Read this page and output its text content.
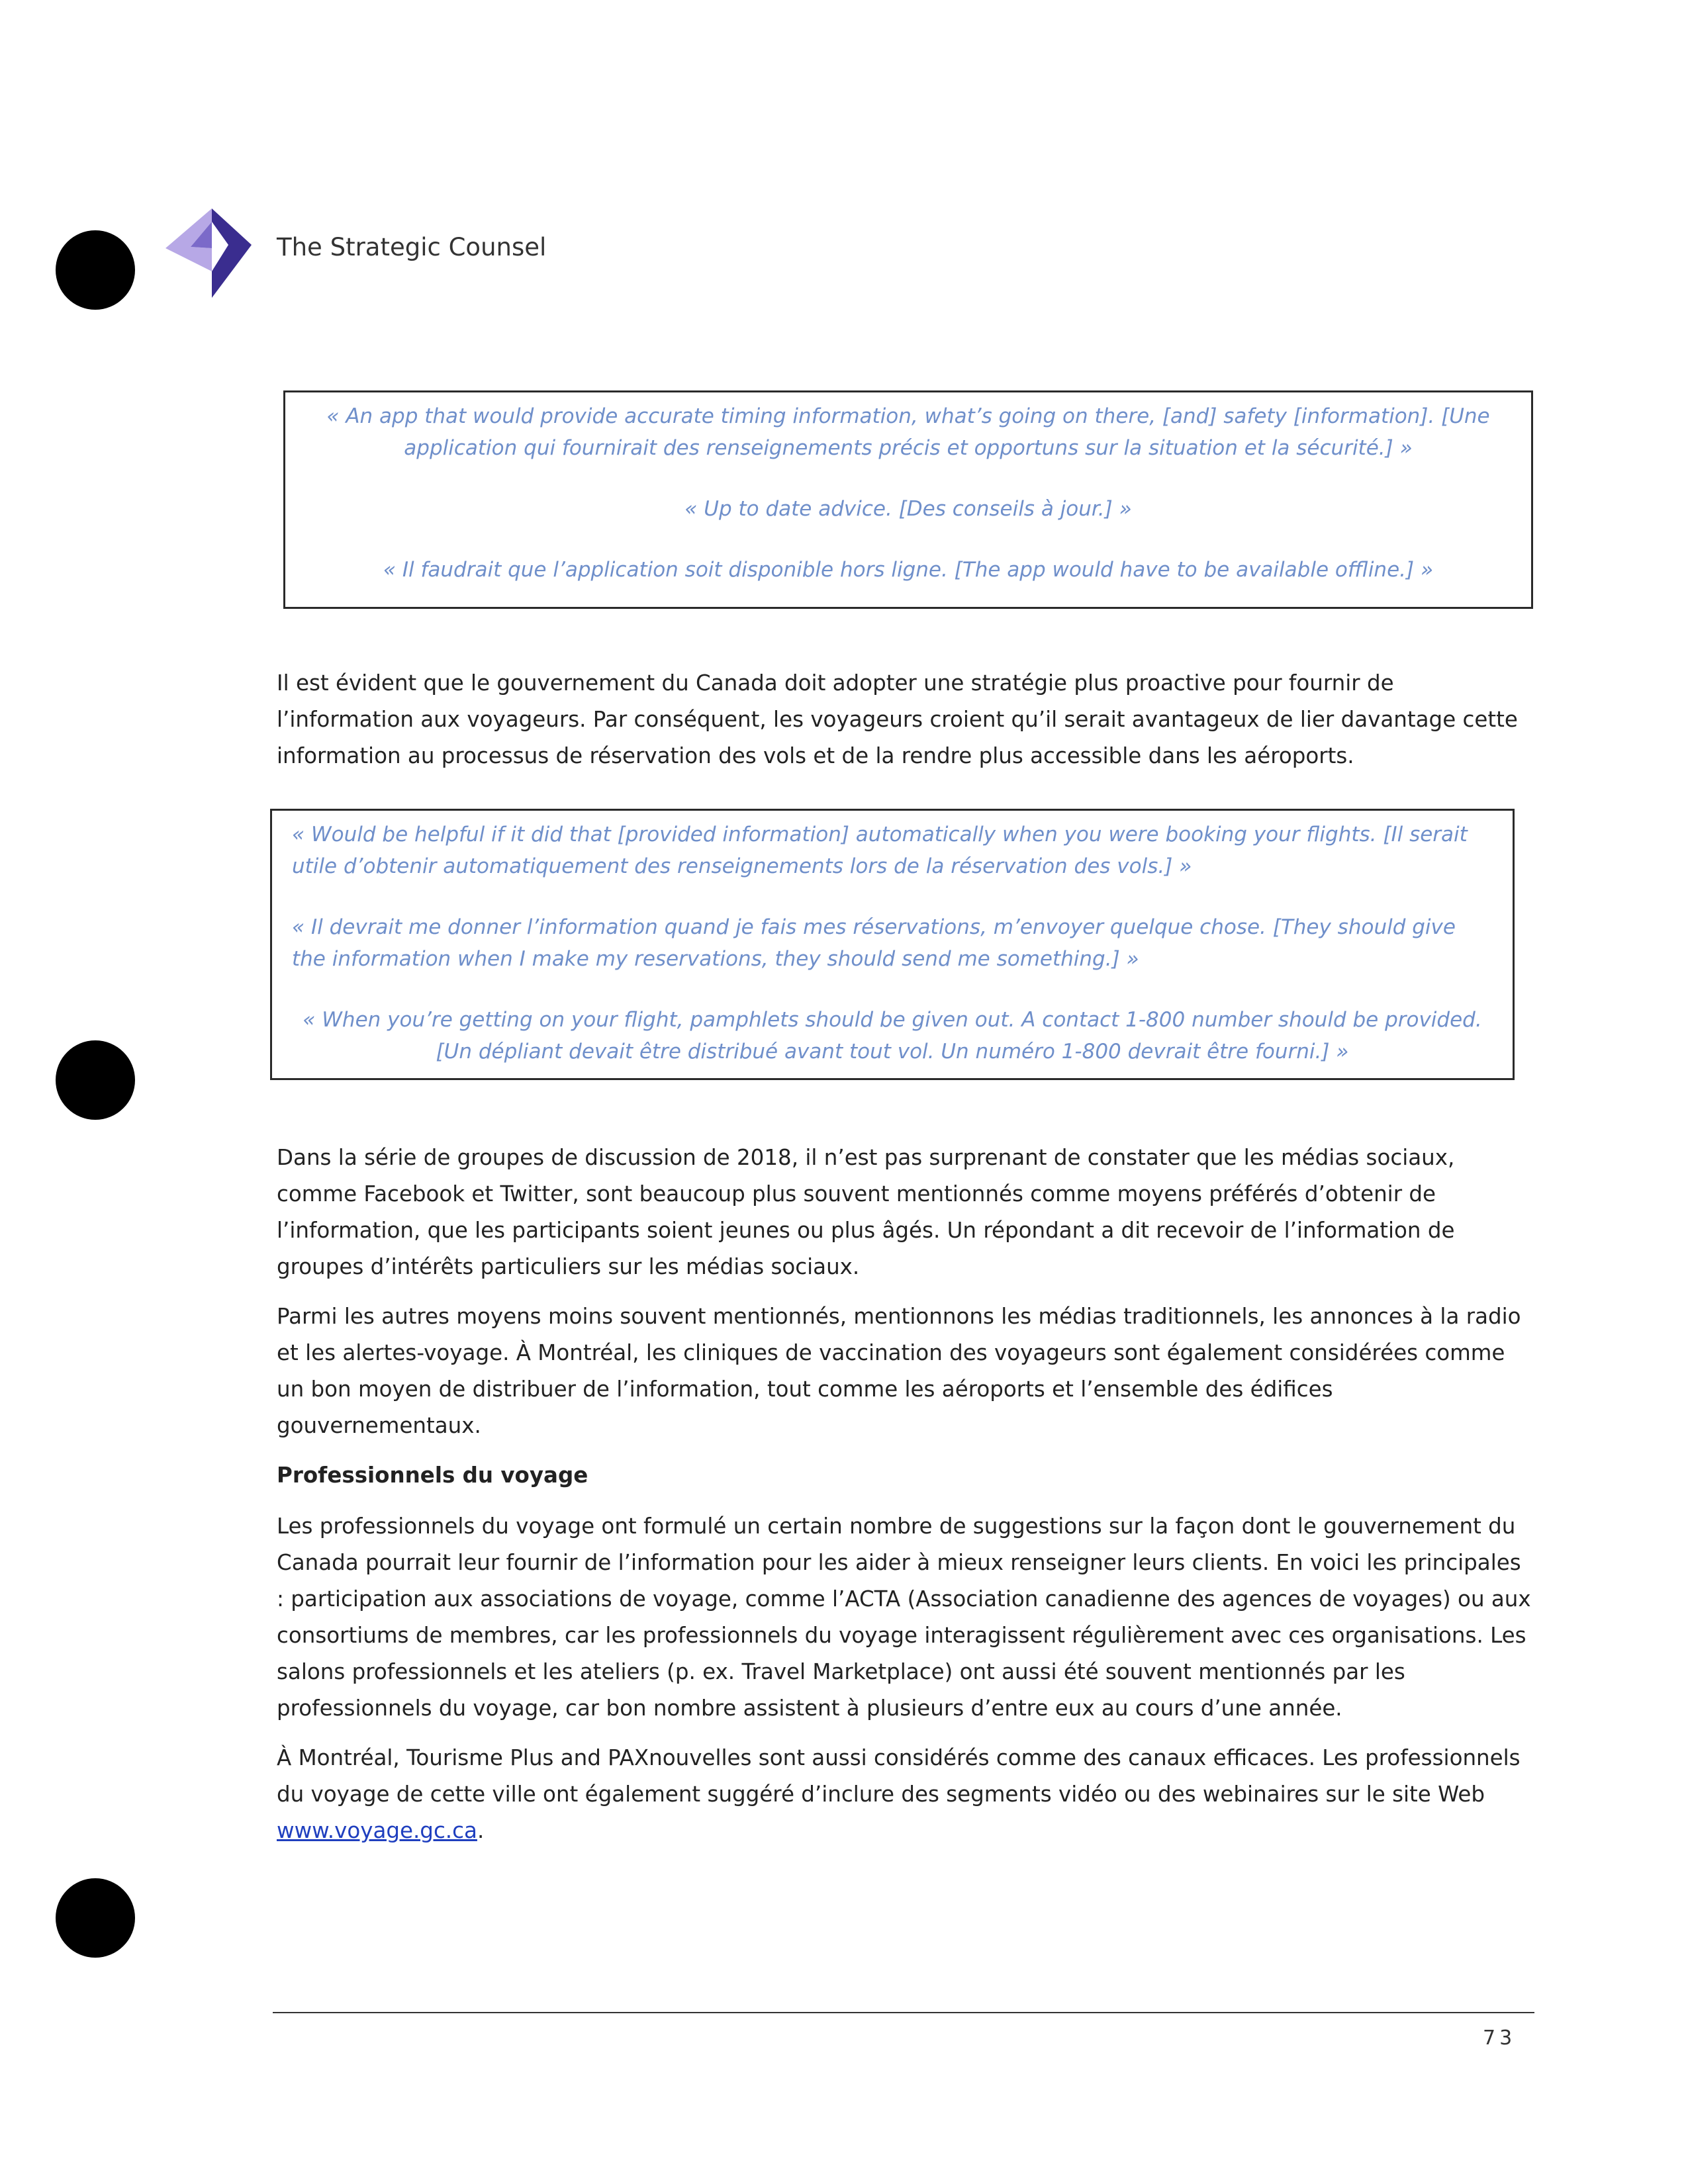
The Strategic Counsel

« An app that would provide accurate timing information, what’s going on there, [and] safety [information]. [Une application qui fournirait des renseignements précis et opportuns sur la situation et la sécurité.] »

« Up to date advice. [Des conseils à jour.] »

« Il faudrait que l’application soit disponible hors ligne. [The app would have to be available offline.] »

Il est évident que le gouvernement du Canada doit adopter une stratégie plus proactive pour fournir de l’information aux voyageurs. Par conséquent, les voyageurs croient qu’il serait avantageux de lier davantage cette information au processus de réservation des vols et de la rendre plus accessible dans les aéroports.

« Would be helpful if it did that [provided information] automatically when you were booking your flights. [Il serait utile d’obtenir automatiquement des renseignements lors de la réservation des vols.] »

« Il devrait me donner l’information quand je fais mes réservations, m’envoyer quelque chose. [They should give the information when I make my reservations, they should send me something.] »

« When you’re getting on your flight, pamphlets should be given out. A contact 1-800 number should be provided. [Un dépliant devait être distribué avant tout vol. Un numéro 1-800 devrait être fourni.] »

Dans la série de groupes de discussion de 2018, il n’est pas surprenant de constater que les médias sociaux, comme Facebook et Twitter, sont beaucoup plus souvent mentionnés comme moyens préférés d’obtenir de l’information, que les participants soient jeunes ou plus âgés. Un répondant a dit recevoir de l’information de groupes d’intérêts particuliers sur les médias sociaux.

Parmi les autres moyens moins souvent mentionnés, mentionnons les médias traditionnels, les annonces à la radio et les alertes-voyage. À Montréal, les cliniques de vaccination des voyageurs sont également considérées comme un bon moyen de distribuer de l’information, tout comme les aéroports et l’ensemble des édifices gouvernementaux.

Professionnels du voyage

Les professionnels du voyage ont formulé un certain nombre de suggestions sur la façon dont le gouvernement du Canada pourrait leur fournir de l’information pour les aider à mieux renseigner leurs clients. En voici les principales : participation aux associations de voyage, comme l’ACTA (Association canadienne des agences de voyages) ou aux consortiums de membres, car les professionnels du voyage interagissent régulièrement avec ces organisations. Les salons professionnels et les ateliers (p. ex. Travel Marketplace) ont aussi été souvent mentionnés par les professionnels du voyage, car bon nombre assistent à plusieurs d’entre eux au cours d’une année.

À Montréal, Tourisme Plus and PAXnouvelles sont aussi considérés comme des canaux efficaces. Les professionnels du voyage de cette ville ont également suggéré d’inclure des segments vidéo ou des webinaires sur le site Web www.voyage.gc.ca.

73
